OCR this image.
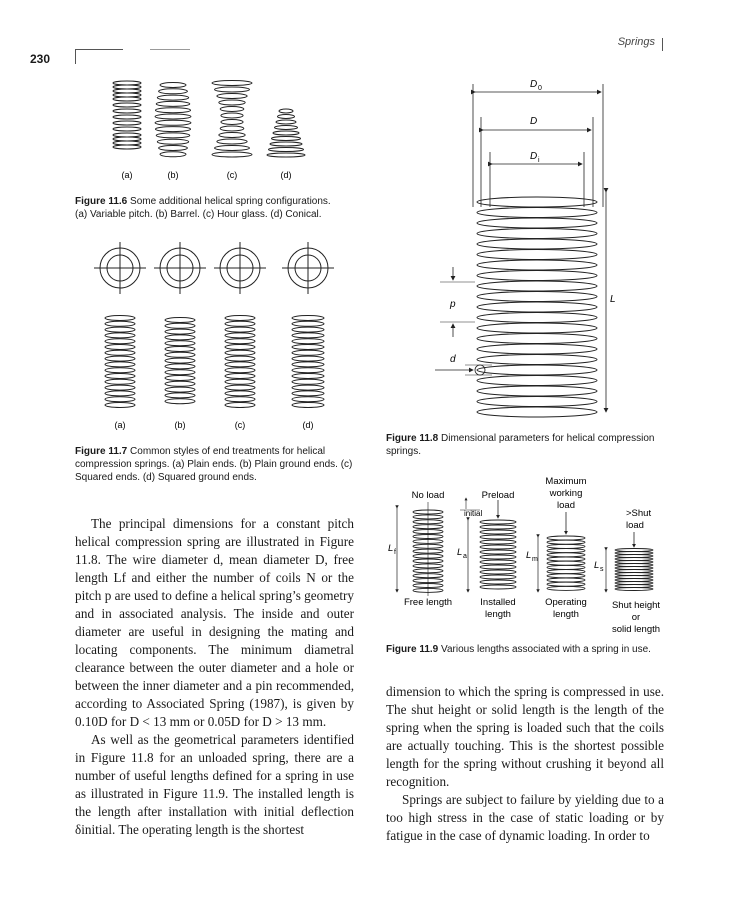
230
Springs
(a)	(b)	(c)	(d)
Figure 11.6 Some additional helical spring configurations.
(a) Variable pitch. (b) Barrel. (c) Hour glass. (d) Conical.
(a)	(b)	(c)	(d)
Figure 11.7 Common styles of end treatments for helical compression springs. (a) Plain ends. (b) Plain ground ends. (c) Squared ends. (d) Squared ground ends.
D 0
D
D i
L
p
d
Figure 11.8 Dimensional parameters for helical compression springs.
No load	Preload
Maximum
working
load
>Shut
load
initial
L f	L a	L m
L s
Free length	Installed
length
Operating
length
Shut height
or
solid length
Figure 11.9 Various lengths associated with a spring in use.

The principal dimensions for a constant pitch helical compression spring are illustrated in Figure 11.8. The wire diameter d, mean diameter D, free length Lf and either the number of coils N or the pitch p are used to define a helical spring’s geometry and in associated analysis. The inside and outer diameter are useful in designing the mating and locating components. The minimum diametral clearance between the outer diameter and a hole or between the inner diameter and a pin recommended, according to Associated Spring (1987), is given by 0.10D for D < 13 mm or 0.05D for D > 13 mm.

As well as the geometrical parameters identified in Figure 11.8 for an unloaded spring, there are a number of useful lengths defined for a spring in use as illustrated in Figure 11.9. The installed length is the length after installation with initial deflection δinitial. The operating length is the shortest

dimension to which the spring is compressed in use. The shut height or solid length is the length of the spring when the spring is loaded such that the coils are actually touching. This is the shortest possible length for the spring without crushing it beyond all recognition.

Springs are subject to failure by yielding due to a too high stress in the case of static loading or by fatigue in the case of dynamic loading. In order to
